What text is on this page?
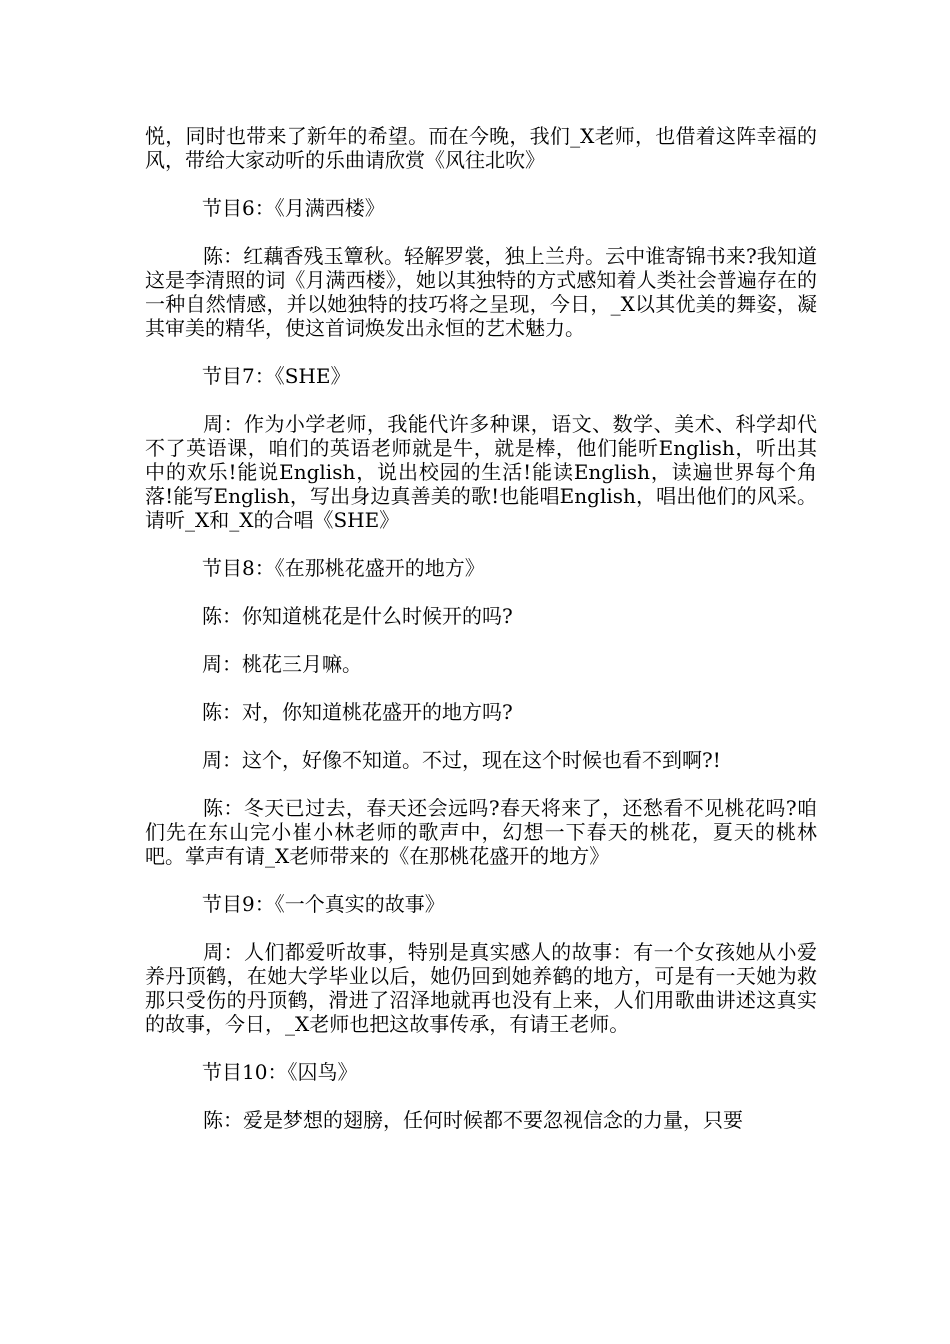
悦，同时也带来了新年的希望。而在今晚，我们_X老师，也借着这阵幸福的风，带给大家动听的乐曲请欣赏《风往北吹》

节目6：《月满西楼》

陈：红藕香残玉簟秋。轻解罗裳，独上兰舟。云中谁寄锦书来?我知道这是李清照的词《月满西楼》，她以其独特的方式感知着人类社会普遍存在的一种自然情感，并以她独特的技巧将之呈现，今日，_X以其优美的舞姿，凝其审美的精华，使这首词焕发出永恒的艺术魅力。

节目7：《SHE》

周：作为小学老师，我能代许多种课，语文、数学、美术、科学却代不了英语课，咱们的英语老师就是牛，就是棒，他们能听English，听出其中的欢乐!能说English，说出校园的生活!能读English，读遍世界每个角落!能写English，写出身边真善美的歌!也能唱English，唱出他们的风采。请听_X和_X的合唱《SHE》

节目8：《在那桃花盛开的地方》

陈：你知道桃花是什么时候开的吗?

周：桃花三月嘛。

陈：对，你知道桃花盛开的地方吗?

周：这个，好像不知道。不过，现在这个时候也看不到啊?!

陈：冬天已过去，春天还会远吗?春天将来了，还愁看不见桃花吗?咱们先在东山完小崔小林老师的歌声中，幻想一下春天的桃花，夏天的桃林吧。掌声有请_X老师带来的《在那桃花盛开的地方》

节目9：《一个真实的故事》

周：人们都爱听故事，特别是真实感人的故事：有一个女孩她从小爱养丹顶鹤，在她大学毕业以后，她仍回到她养鹤的地方，可是有一天她为救那只受伤的丹顶鹤，滑进了沼泽地就再也没有上来，人们用歌曲讲述这真实的故事，今日，_X老师也把这故事传承，有请王老师。

节目10：《囚鸟》

陈：爱是梦想的翅膀，任何时候都不要忽视信念的力量，只要
